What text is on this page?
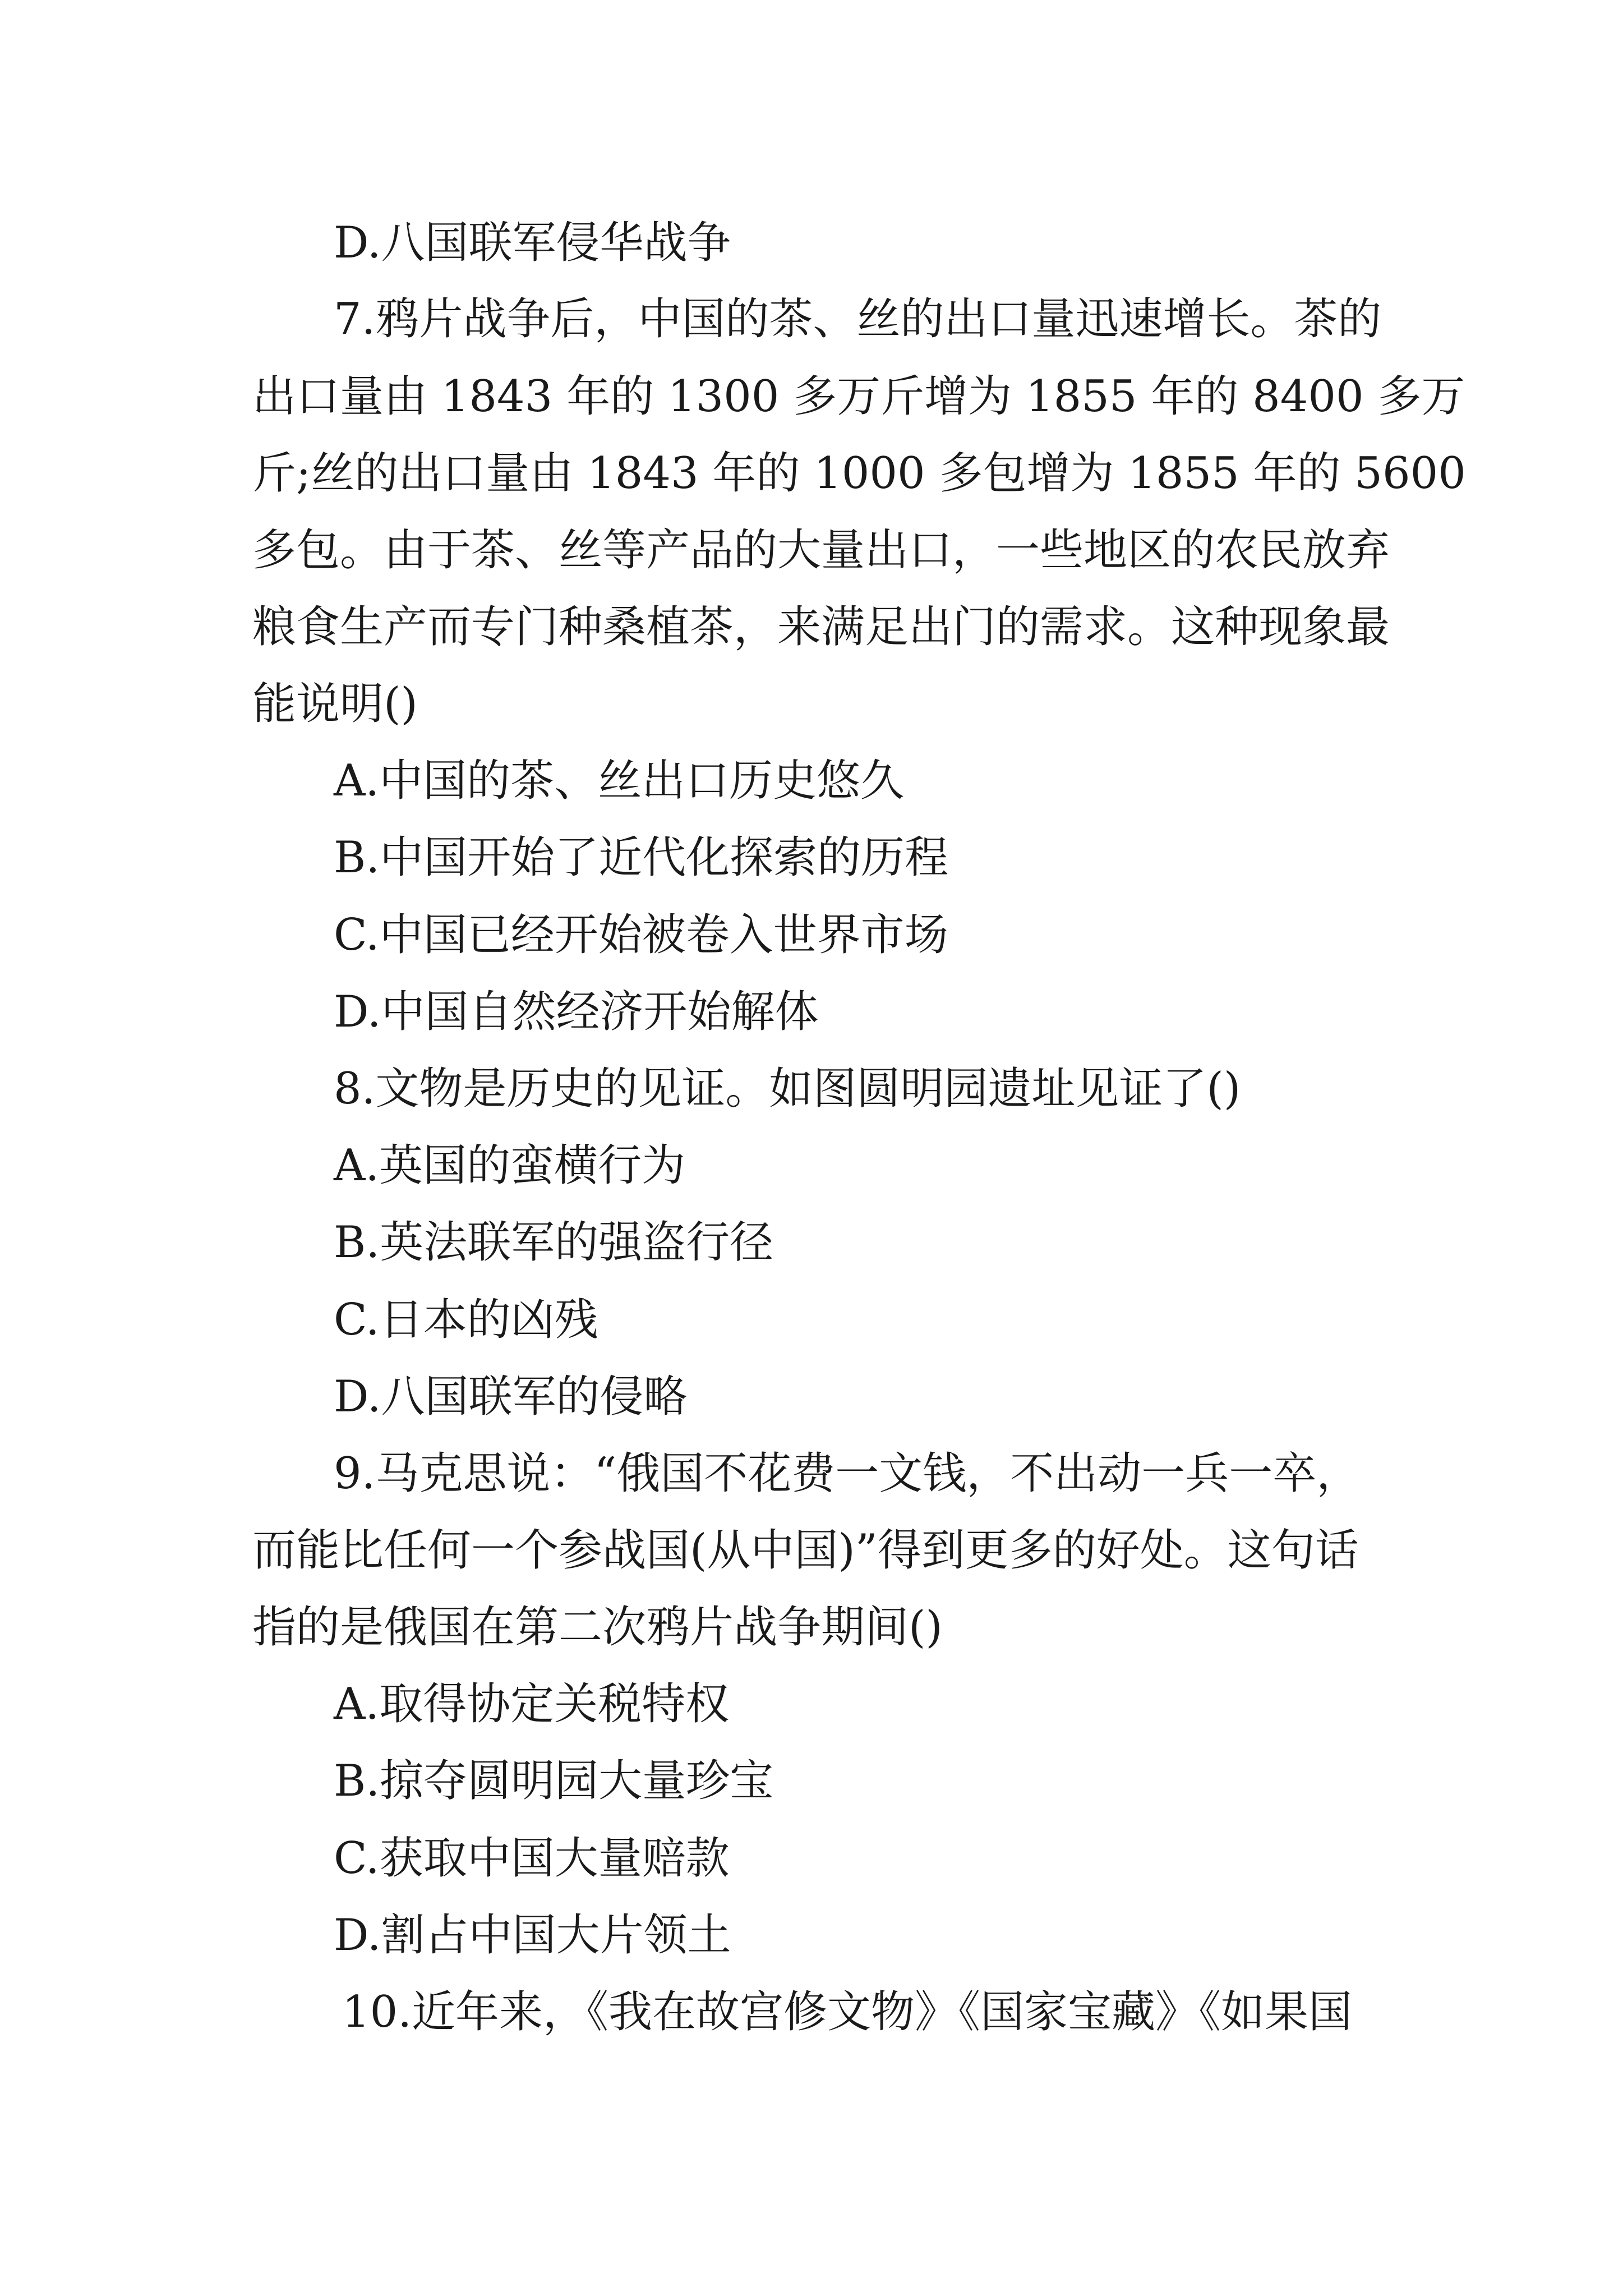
D.八国联军侵华战争
7.鸦片战争后，中国的茶、丝的出口量迅速增长。茶的
出口量由 1843 年的 1300 多万斤增为 1855 年的 8400 多万
斤;丝的出口量由 1843 年的 1000 多包增为 1855 年的 5600
多包。由于茶、丝等产品的大量出口，一些地区的农民放弃
粮食生产而专门种桑植茶，来满足出门的需求。这种现象最
能说明()
A.中国的茶、丝出口历史悠久
B.中国开始了近代化探索的历程
C.中国已经开始被卷入世界市场
D.中国自然经济开始解体
8.文物是历史的见证。如图圆明园遗址见证了()
A.英国的蛮横行为
B.英法联军的强盗行径
C.日本的凶残
D.八国联军的侵略
9.马克思说：“俄国不花费一文钱，不出动一兵一卒，
而能比任何一个参战国(从中国)”得到更多的好处。这句话
指的是俄国在第二次鸦片战争期间()
A.取得协定关税特权
B.掠夺圆明园大量珍宝
C.获取中国大量赔款
D.割占中国大片领土
10.近年来，《我在故宫修文物》《国家宝藏》《如果国
